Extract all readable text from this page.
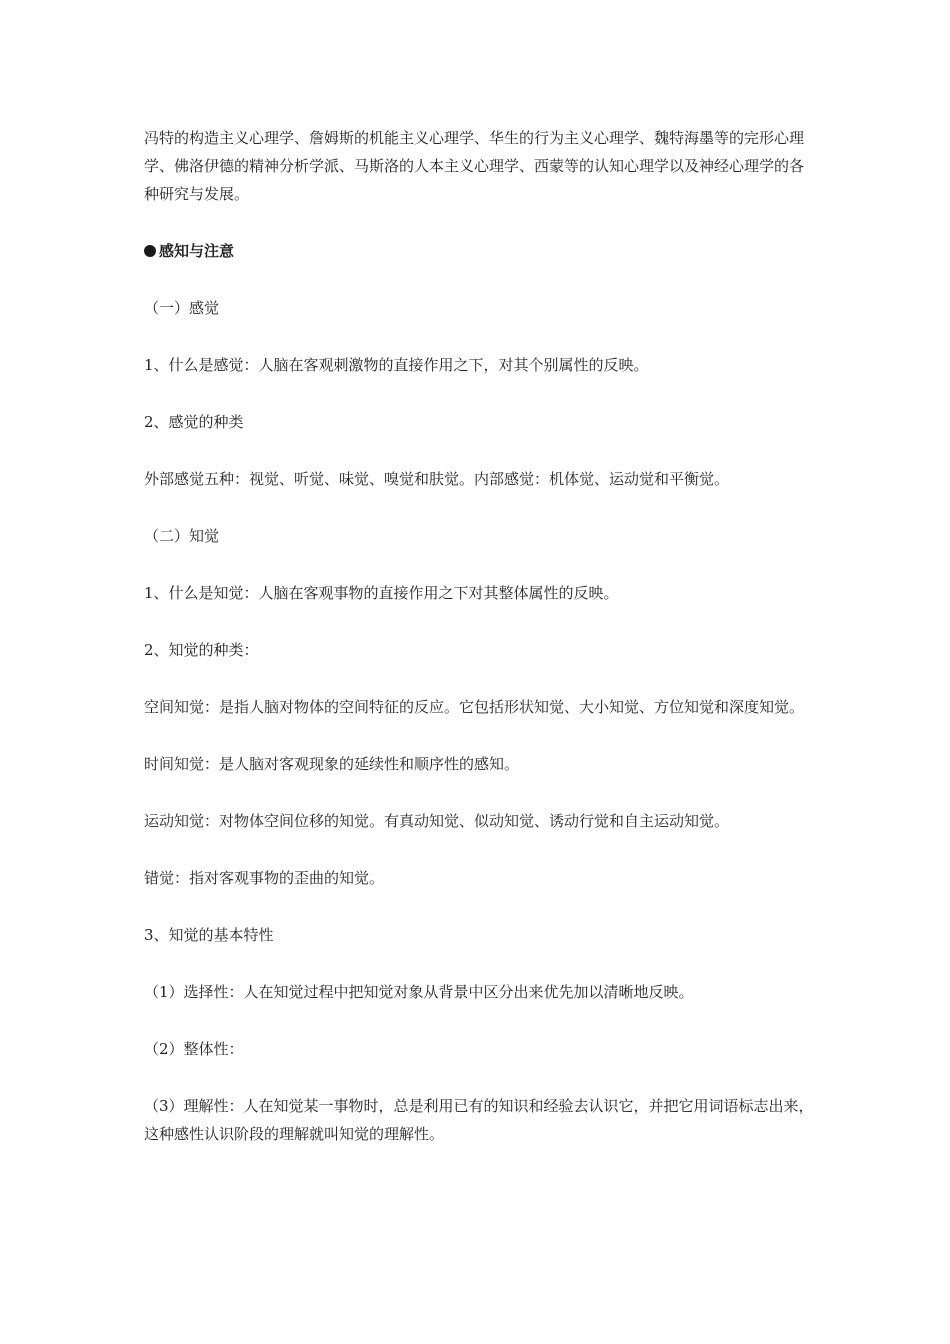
冯特的构造主义心理学、詹姆斯的机能主义心理学、华生的行为主义心理学、魏特海墨等的完形心理学、佛洛伊德的精神分析学派、马斯洛的人本主义心理学、西蒙等的认知心理学以及神经心理学的各种研究与发展。

感知与注意

（一）感觉

1、什么是感觉：人脑在客观刺激物的直接作用之下，对其个别属性的反映。

2、感觉的种类

外部感觉五种：视觉、听觉、味觉、嗅觉和肤觉。内部感觉：机体觉、运动觉和平衡觉。

（二）知觉

1、什么是知觉：人脑在客观事物的直接作用之下对其整体属性的反映。

2、知觉的种类：

空间知觉：是指人脑对物体的空间特征的反应。它包括形状知觉、大小知觉、方位知觉和深度知觉。

时间知觉：是人脑对客观现象的延续性和顺序性的感知。

运动知觉：对物体空间位移的知觉。有真动知觉、似动知觉、诱动行觉和自主运动知觉。

错觉：指对客观事物的歪曲的知觉。

3、知觉的基本特性

（1）选择性：人在知觉过程中把知觉对象从背景中区分出来优先加以清晰地反映。

（2）整体性：

（3）理解性：人在知觉某一事物时，总是利用已有的知识和经验去认识它，并把它用词语标志出来，这种感性认识阶段的理解就叫知觉的理解性。
